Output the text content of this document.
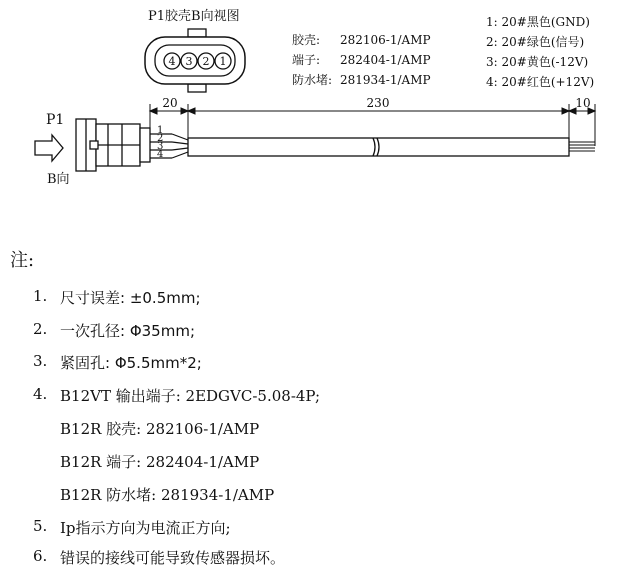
P1胶壳B向视图
4 3 2 1
胶壳: 282106-1/AMP
端子: 282404-1/AMP
防水堵: 281934-1/AMP
1: 20#黑色(GND)
2: 20#绿色(信号)
3: 20#黄色(-12V)
4: 20#红色(+12V)
P1
B向
20	230	10
1
2
3
4
注:
1. 尺寸误差: ±0.5mm;
2. 一次孔径: Φ35mm;
3. 紧固孔: Φ5.5mm*2;
4. B12VT 输出端子: 2EDGVC-5.08-4P;
B12R 胶壳: 282106-1/AMP
B12R 端子: 282404-1/AMP
B12R 防水堵: 281934-1/AMP
5. Ip指示方向为电流正方向;
6. 错误的接线可能导致传感器损坏。
